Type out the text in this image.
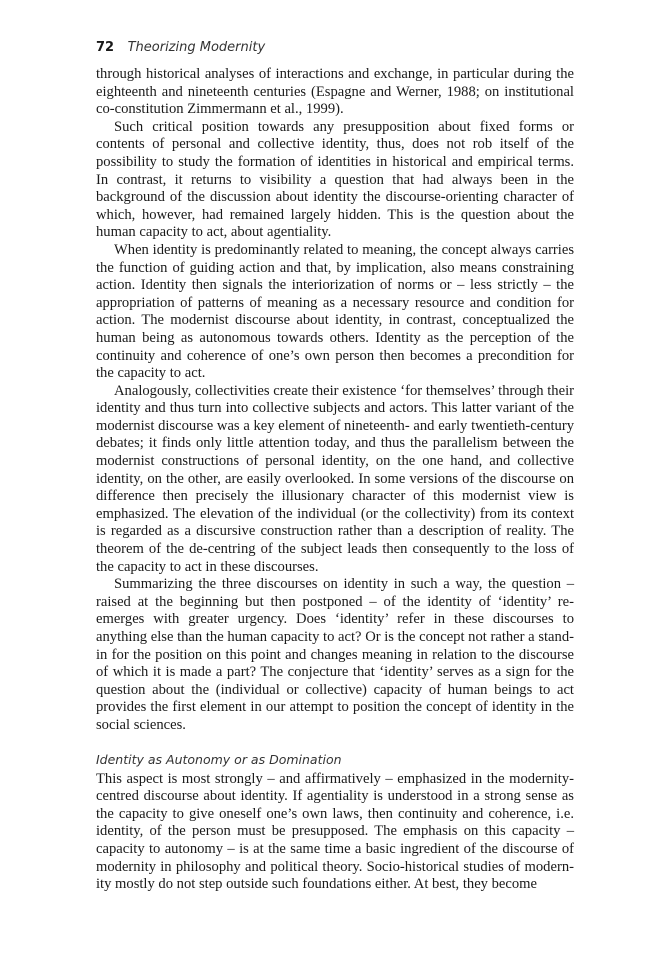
72 Theorizing Modernity

through historical analyses of interactions and exchange, in particular during the eighteenth and nineteenth centuries (Espagne and Werner, 1988; on institutional co-constitution Zimmermann et al., 1999).

Such critical position towards any presupposition about fixed forms or contents of personal and collective identity, thus, does not rob itself of the possibility to study the formation of identities in historical and empirical terms. In contrast, it returns to visibility a question that had always been in the background of the discussion about identity the discourse-orienting character of which, however, had remained largely hidden. This is the question about the human capacity to act, about agentiality.

When identity is predominantly related to meaning, the concept always carries the function of guiding action and that, by implication, also means constraining action. Identity then signals the interiorization of norms or – less strictly – the appropriation of patterns of meaning as a necessary resource and condition for action. The modernist discourse about identity, in contrast, conceptualized the human being as autonomous towards others. Identity as the perception of the continuity and coherence of one’s own person then becomes a precondition for the capacity to act.

Analogously, collectivities create their existence ‘for themselves’ through their identity and thus turn into collective subjects and actors. This latter variant of the modernist discourse was a key element of nineteenth- and early twentieth-century debates; it finds only little attention today, and thus the parallelism between the modernist constructions of personal identity, on the one hand, and collective identity, on the other, are easily overlooked. In some versions of the discourse on difference then precisely the illusionary character of this modernist view is emphasized. The elevation of the individual (or the collectivity) from its context is regarded as a discursive construction rather than a description of reality. The theorem of the de-centring of the subject leads then consequently to the loss of the capacity to act in these discourses.

Summarizing the three discourses on identity in such a way, the question – raised at the beginning but then postponed – of the identity of ‘identity’ re-emerges with greater urgency. Does ‘identity’ refer in these discourses to anything else than the human capacity to act? Or is the concept not rather a stand-in for the position on this point and changes meaning in relation to the discourse of which it is made a part? The conjecture that ‘identity’ serves as a sign for the question about the (individual or collective) capacity of human beings to act provides the first element in our attempt to position the concept of identity in the social sciences.

Identity as Autonomy or as Domination

This aspect is most strongly – and affirmatively – emphasized in the modernity-centred discourse about identity. If agentiality is understood in a strong sense as the capacity to give oneself one’s own laws, then continuity and coherence, i.e. identity, of the person must be presupposed. The emphasis on this capacity – capacity to autonomy – is at the same time a basic ingredient of the discourse of modernity in philosophy and political theory. Socio-historical studies of modernity mostly do not step outside such foundations either. At best, they become
